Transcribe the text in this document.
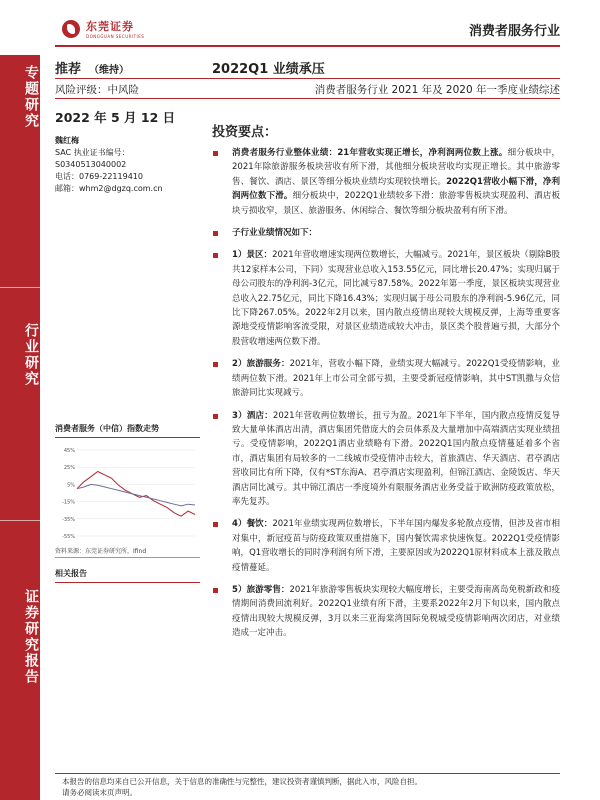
东莞证券
DONGGUAN SECURITIES	消费者服务行业
专题研究
行业研究
证券研究报告
推荐 （维持）	2022Q1 业绩承压
风险评级：中风险	消费者服务行业 2021 年及 2020 年一季度业绩综述
2022 年 5 月 12 日
魏红梅
SAC 执业证书编号：
S0340513040002
电话：0769-22119410
邮箱：whm2@dgzq.com.cn
消费者服务（中信）指数走势
45%
25%
5%
-15%
-35%
-55%
资料来源：东莞证券研究所，Ifind
相关报告
投资要点：
消费者服务行业整体业绩：21年营收实现正增长，净利润两位数上涨。细分板块中，2021年除旅游服务板块营收有所下滑，其他细分板块营收均实现正增长。其中旅游零售、餐饮、酒店、景区等细分板块业绩均实现较快增长。2022Q1营收小幅下滑，净利润两位数下滑。细分板块中，2022Q1业绩较多下滑：旅游零售板块实现盈利、酒店板块亏损收窄，景区、旅游服务、休闲综合、餐饮等细分板块盈利有所下滑。
子行业业绩情况如下：
1）景区：2021年营收增速实现两位数增长，大幅减亏。2021年，景区板块（剔除B股共12家样本公司，下同）实现营业总收入153.55亿元，同比增长20.47%；实现归属于母公司股东的净利润-3亿元，同比减亏87.58%。2022年第一季度，景区板块实现营业总收入22.75亿元，同比下降16.43%；实现归属于母公司股东的净利润-5.96亿元，同比下降267.05%。2022年2月以来，国内散点疫情出现较大规模反弹，上海等重要客源地受疫情影响客流受限，对景区业绩造成较大冲击，景区类个股普遍亏损，大部分个股营收增速两位数下滑。
2）旅游服务：2021年，营收小幅下降，业绩实现大幅减亏。2022Q1受疫情影响，业绩两位数下滑。2021年上市公司全部亏损，主要受新冠疫情影响，其中ST凯撒与众信旅游同比实现减亏。
3）酒店：2021年营收两位数增长，扭亏为盈。2021年下半年，国内散点疫情反复导致大量单体酒店出清，酒店集团凭借庞大的会员体系及大量增加中高端酒店实现业绩扭亏。受疫情影响，2022Q1酒店业绩略有下滑。2022Q1国内散点疫情蔓延着多个省市，酒店集团有局较多的一二线城市受疫情冲击较大，首旅酒店、华天酒店、君亭酒店营收同比有所下降，仅有*ST东海A、君亭酒店实现盈利，但锦江酒店、金陵饭店、华天酒店同比减亏。其中锦江酒店一季度境外有限服务酒店业务受益于欧洲防疫政策放松，率先复苏。
4）餐饮：2021年业绩实现两位数增长，下半年国内爆发多轮散点疫情，但涉及省市相对集中，新冠疫苗与防疫政策双重措施下，国内餐饮需求快速恢复。2022Q1受疫情影响，Q1营收增长的同时净利润有所下滑，主要原因或为2022Q1原材料成本上涨及散点疫情蔓延。
5）旅游零售：2021年旅游零售板块实现较大幅度增长，主要受海南离岛免税新政和疫情期间消费回流利好。2022Q1业绩有所下滑，主要系2022年2月下旬以来，国内散点疫情出现较大规模反弹，3月以来三亚海棠湾国际免税城受疫情影响两次闭店，对业绩造成一定冲击。
本报告的信息均来自已公开信息，关于信息的准确性与完整性，建议投资者谨慎判断，据此入市，风险自担。
请务必阅读末页声明。
